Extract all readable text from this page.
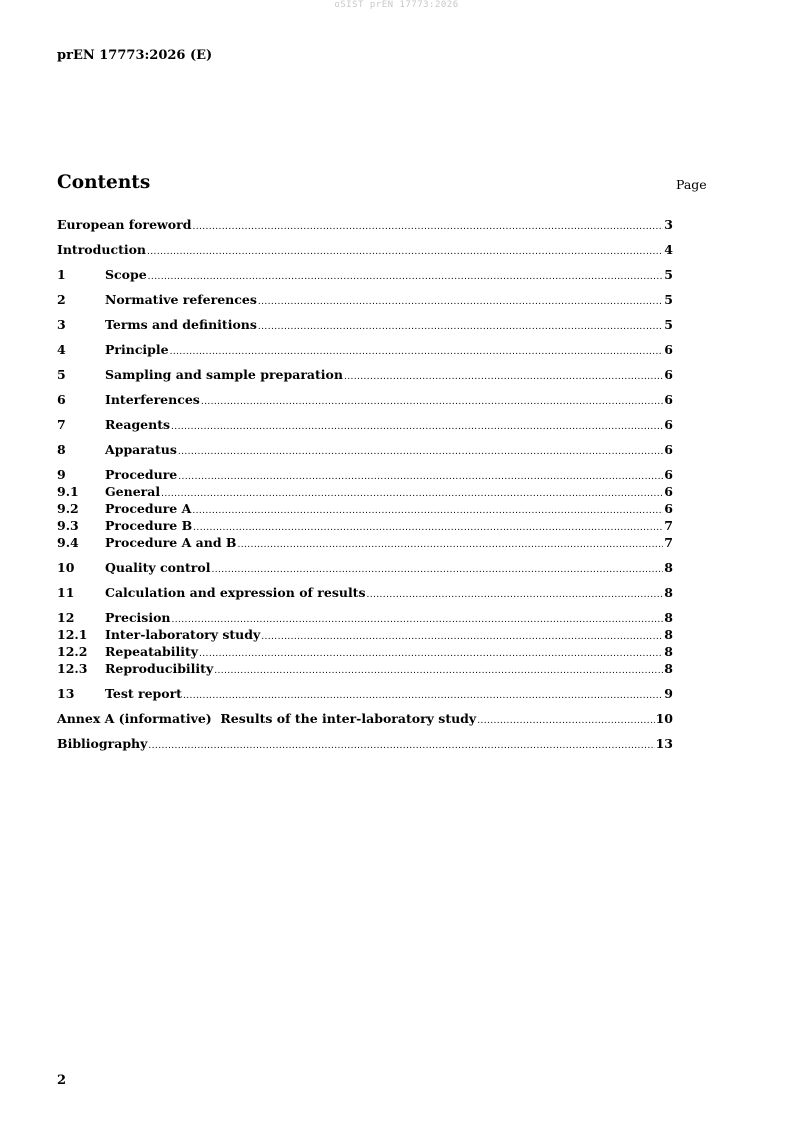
oSIST prEN 17773:2026
prEN 17773:2026 (E)
Contents	Page
European foreword .....	3
Introduction .....	4
1	Scope .....	5
2	Normative references .....	5
3	Terms and definitions .....	5
4	Principle .....	6
5	Sampling and sample preparation .....	6
6	Interferences .....	6
7	Reagents .....	6
8	Apparatus .....	6
9	Procedure .....	6
9.1	General .....	6
9.2	Procedure A .....	6
9.3	Procedure B .....	7
9.4	Procedure A and B .....	7
10	Quality control .....	8
11	Calculation and expression of results .....	8
12	Precision .....	8
12.1	Inter-laboratory study .....	8
12.2	Repeatability .....	8
12.3	Reproducibility .....	8
13	Test report .....	9
Annex A (informative)  Results of the inter-laboratory study .....	10
Bibliography .....	13
2
